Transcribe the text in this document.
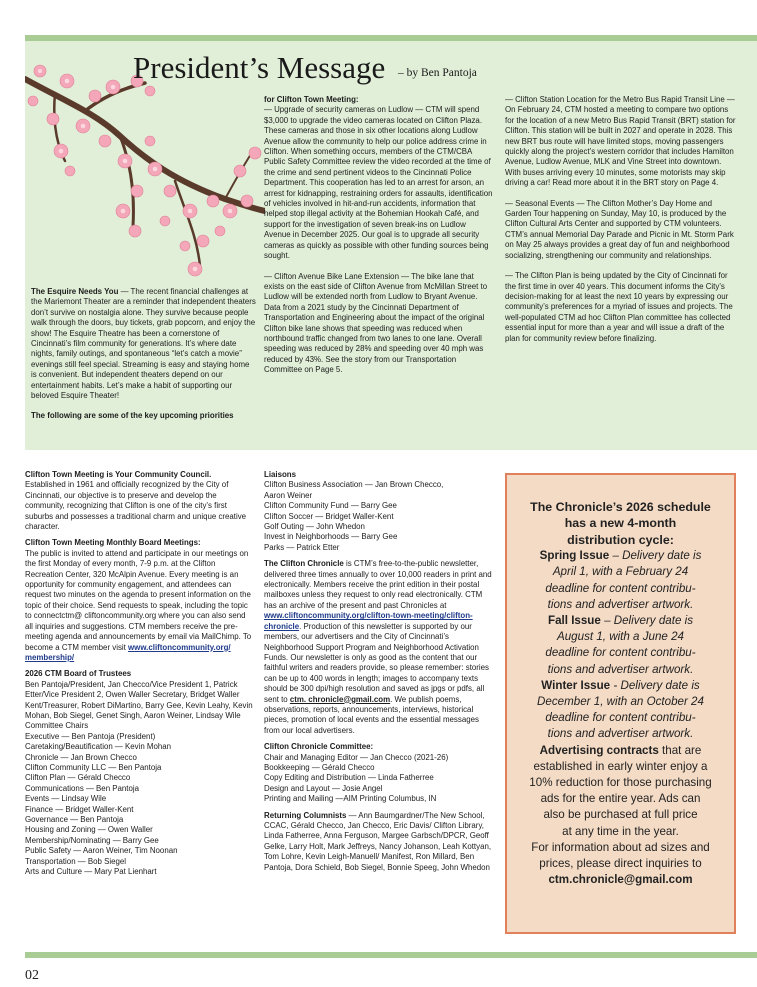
President’s Message – by Ben Pantoja

The Esquire Needs You — The recent financial challenges at the Mariemont Theater are a reminder that independent theaters don’t survive on nostalgia alone. They survive because people walk through the doors, buy tickets, grab popcorn, and enjoy the show! The Esquire Theatre has been a cornerstone of Cincinnati’s film community for generations. It’s where date nights, family outings, and spontaneous “let’s catch a movie” evenings still feel special. Streaming is easy and staying home is convenient. But independent theaters depend on our entertainment habits. Let’s make a habit of supporting our beloved Esquire Theater!

The following are some of the key upcoming priorities

for Clifton Town Meeting:

— Upgrade of security cameras on Ludlow — CTM will spend $3,000 to upgrade the video cameras located on Clifton Plaza. These cameras and those in six other locations along Ludlow Avenue allow the community to help our police address crime in Clifton. When something occurs, members of the CTM/CBA Public Safety Committee review the video recorded at the time of the crime and send pertinent videos to the Cincinnati Police Department. This cooperation has led to an arrest for arson, an arrest for kidnapping, restraining orders for assaults, identification of vehicles involved in hit-and-run accidents, information that helped stop illegal activity at the Bohemian Hookah Café, and support for the investigation of seven break-ins on Ludlow Avenue in December 2025. Our goal is to upgrade all security cameras as quickly as possible with other funding sources being sought.

— Clifton Avenue Bike Lane Extension — The bike lane that exists on the east side of Clifton Avenue from McMillan Street to Ludlow will be extended north from Ludlow to Bryant Avenue. Data from a 2021 study by the Cincinnati Department of Transportation and Engineering about the impact of the original Clifton bike lane shows that speeding was reduced when northbound traffic changed from two lanes to one lane. Overall speeding was reduced by 28% and speeding over 40 mph was reduced by 43%. See the story from our Transportation Committee on Page 5.

— Clifton Station Location for the Metro Bus Rapid Transit Line — On February 24, CTM hosted a meeting to compare two options for the location of a new Metro Bus Rapid Transit (BRT) station for Clifton. This station will be built in 2027 and operate in 2028. This new BRT bus route will have limited stops, moving passengers quickly along the project’s western corridor that includes Hamilton Avenue, Ludlow Avenue, MLK and Vine Street into downtown. With buses arriving every 10 minutes, some motorists may skip driving a car! Read more about it in the BRT story on Page 4.

— Seasonal Events — The Clifton Mother’s Day Home and Garden Tour happening on Sunday, May 10, is produced by the Clifton Cultural Arts Center and supported by CTM volunteers. CTM’s annual Memorial Day Parade and Picnic in Mt. Storm Park on May 25 always provides a great day of fun and neighborhood socializing, strengthening our community and relationships.

— The Clifton Plan is being updated by the City of Cincinnati for the first time in over 40 years. This document informs the City’s decision-making for at least the next 10 years by expressing our community’s preferences for a myriad of issues and projects. The well-populated CTM ad hoc Clifton Plan committee has collected essential input for more than a year and will issue a draft of the plan for community review before finalizing.

Clifton Town Meeting is Your Community Council.

Established in 1961 and officially recognized by the City of Cincinnati, our objective is to preserve and develop the community, recognizing that Clifton is one of the city’s first suburbs and possesses a traditional charm and unique creative character.

Clifton Town Meeting Monthly Board Meetings:

The public is invited to attend and participate in our meetings on the first Monday of every month, 7-9 p.m. at the Clifton Recreation Center, 320 McAlpin Avenue. Every meeting is an opportunity for community engagement, and attendees can request two minutes on the agenda to present information on the topic of their choice. Send requests to speak, including the topic to connectctm@ cliftoncommunity.org where you can also send all inquiries and suggestions. CTM members receive the pre-meeting agenda and announcements by email via MailChimp. To become a CTM member visit www.cliftoncommunity.org/ membership/

2026 CTM Board of Trustees

Ben Pantoja/President, Jan Checco/Vice President 1, Patrick Etter/Vice President 2, Owen Waller Secretary, Bridget Waller Kent/Treasurer, Robert DiMartino, Barry Gee, Kevin Leahy, Kevin Mohan, Bob Siegel, Genet Singh, Aaron Weiner, Lindsay Wile

Committee Chairs
Executive — Ben Pantoja (President)
Caretaking/Beautification — Kevin Mohan
Chronicle — Jan Brown Checco
Clifton Community LLC — Ben Pantoja
Clifton Plan — Gérald Checco
Communications — Ben Pantoja
Events — Lindsay Wile
Finance — Bridget Waller-Kent
Governance — Ben Pantoja
Housing and Zoning — Owen Waller
Membership/Nominating — Barry Gee
Public Safety — Aaron Weiner, Tim Noonan
Transportation — Bob Siegel
Arts and Culture — Mary Pat Lienhart

Liaisons

Clifton Business Association — Jan Brown Checco,
Aaron Weiner
Clifton Community Fund — Barry Gee
Clifton Soccer — Bridget Waller-Kent
Golf Outing — John Whedon
Invest in Neighborhoods — Barry Gee
Parks — Patrick Etter

The Clifton Chronicle is CTM’s free-to-the-public newsletter, delivered three times annually to over 10,000 readers in print and electronically. Members receive the print edition in their postal mailboxes unless they request to only read electronically. CTM has an archive of the present and past Chronicles at www.cliftoncommunity.org/clifton-town-meeting/clifton-chronicle. Production of this newsletter is supported by our members, our advertisers and the City of Cincinnati’s Neighborhood Support Program and Neighborhood Activation Funds. Our newsletter is only as good as the content that our faithful writers and readers provide, so please remember: stories can be up to 400 words in length; images to accompany texts should be 300 dpi/high resolution and saved as jpgs or pdfs, all sent to ctm. chronicle@gmail.com. We publish poems, observations, reports, announcements, interviews, historical pieces, promotion of local events and the essential messages from our local advertisers.

Clifton Chronicle Committee:

Chair and Managing Editor — Jan Checco (2021-26)
Bookkeeping — Gérald Checco
Copy Editing and Distribution — Linda Fatherree
Design and Layout — Josie Angel
Printing and Mailing —AIM Printing Columbus, IN

Returning Columnists — Ann Baumgardner/The New School, CCAC, Gérald Checco, Jan Checco, Eric Davis/ Clifton Library, Linda Fatherree, Anna Ferguson, Margee Garbsch/DPCR, Geoff Gelke, Larry Holt, Mark Jeffreys, Nancy Johanson, Leah Kottyan, Tom Lohre, Kevin Leigh-Manuell/ Manifest, Ron Millard, Ben Pantoja, Dora Schield, Bob Siegel, Bonnie Speeg, John Whedon

The Chronicle’s 2026 schedule
has a new 4-month
distribution cycle:
Spring Issue – Delivery date is
April 1, with a February 24
deadline for content contribu-
tions and advertiser artwork.
Fall Issue – Delivery date is
August 1, with a June 24
deadline for content contribu-
tions and advertiser artwork.
Winter Issue - Delivery date is
December 1, with an October 24
deadline for content contribu-
tions and advertiser artwork.
Advertising contracts that are
established in early winter enjoy a
10% reduction for those purchasing
ads for the entire year. Ads can
also be purchased at full price
at any time in the year.
For information about ad sizes and
prices, please direct inquiries to
ctm.chronicle@gmail.com
02
